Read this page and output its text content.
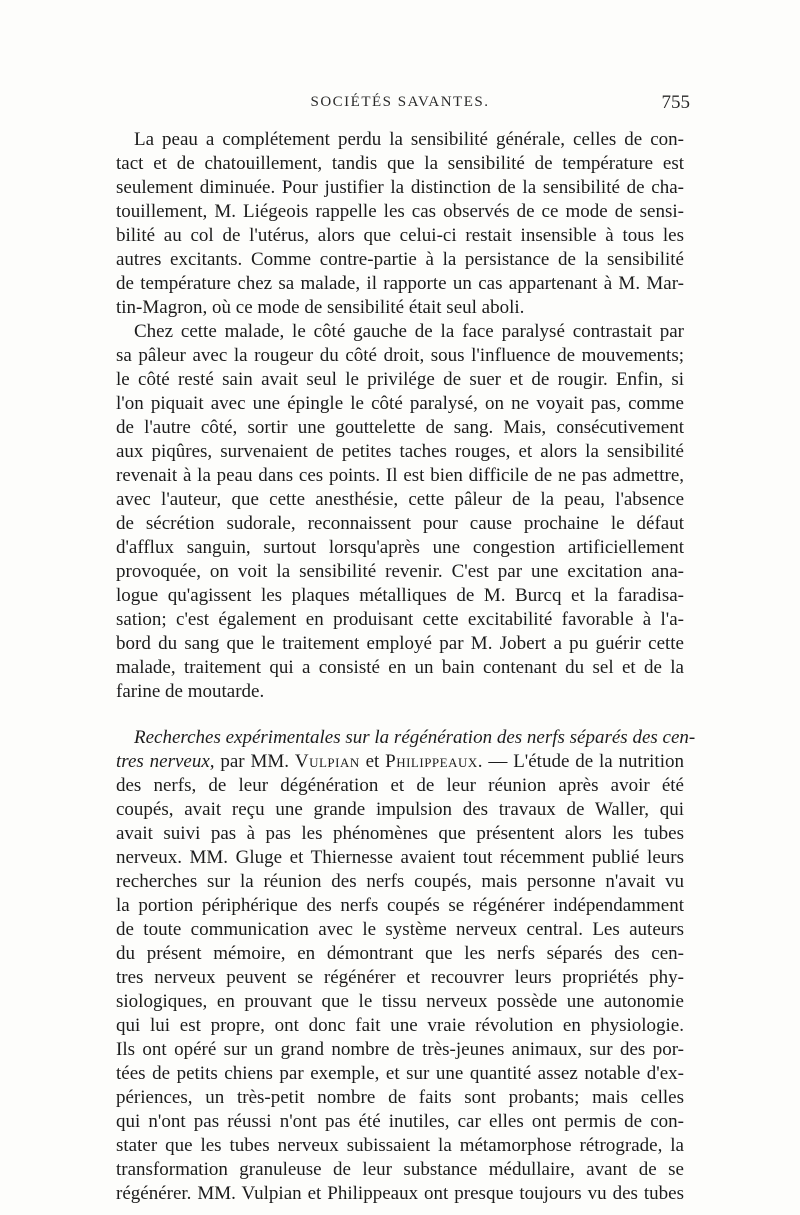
SOCIÉTÉS SAVANTES.	755
La peau a complétement perdu la sensibilité générale, celles de con-
tact et de chatouillement, tandis que la sensibilité de température est
seulement diminuée. Pour justifier la distinction de la sensibilité de cha-
touillement, M. Liégeois rappelle les cas observés de ce mode de sensi-
bilité au col de l'utérus, alors que celui-ci restait insensible à tous les
autres excitants. Comme contre-partie à la persistance de la sensibilité
de température chez sa malade, il rapporte un cas appartenant à M. Mar-
tin-Magron, où ce mode de sensibilité était seul aboli.
Chez cette malade, le côté gauche de la face paralysé contrastait par
sa pâleur avec la rougeur du côté droit, sous l'influence de mouvements;
le côté resté sain avait seul le privilége de suer et de rougir. Enfin, si
l'on piquait avec une épingle le côté paralysé, on ne voyait pas, comme
de l'autre côté, sortir une gouttelette de sang. Mais, consécutivement
aux piqûres, survenaient de petites taches rouges, et alors la sensibilité
revenait à la peau dans ces points. Il est bien difficile de ne pas admettre,
avec l'auteur, que cette anesthésie, cette pâleur de la peau, l'absence
de sécrétion sudorale, reconnaissent pour cause prochaine le défaut
d'afflux sanguin, surtout lorsqu'après une congestion artificiellement
provoquée, on voit la sensibilité revenir. C'est par une excitation ana-
logue qu'agissent les plaques métalliques de M. Burcq et la faradisa-
sation; c'est également en produisant cette excitabilité favorable à l'a-
bord du sang que le traitement employé par M. Jobert a pu guérir cette
malade, traitement qui a consisté en un bain contenant du sel et de la
farine de moutarde.
Recherches expérimentales sur la régénération des nerfs séparés des cen-
tres nerveux, par MM. Vulpian et Philippeaux. — L'étude de la nutrition
des nerfs, de leur dégénération et de leur réunion après avoir été
coupés, avait reçu une grande impulsion des travaux de Waller, qui
avait suivi pas à pas les phénomènes que présentent alors les tubes
nerveux. MM. Gluge et Thiernesse avaient tout récemment publié leurs
recherches sur la réunion des nerfs coupés, mais personne n'avait vu
la portion périphérique des nerfs coupés se régénérer indépendamment
de toute communication avec le système nerveux central. Les auteurs
du présent mémoire, en démontrant que les nerfs séparés des cen-
tres nerveux peuvent se régénérer et recouvrer leurs propriétés phy-
siologiques, en prouvant que le tissu nerveux possède une autonomie
qui lui est propre, ont donc fait une vraie révolution en physiologie.
Ils ont opéré sur un grand nombre de très-jeunes animaux, sur des por-
tées de petits chiens par exemple, et sur une quantité assez notable d'ex-
périences, un très-petit nombre de faits sont probants; mais celles
qui n'ont pas réussi n'ont pas été inutiles, car elles ont permis de con-
stater que les tubes nerveux subissaient la métamorphose rétrograde, la
transformation granuleuse de leur substance médullaire, avant de se
régénérer. MM. Vulpian et Philippeaux ont presque toujours vu des tubes
